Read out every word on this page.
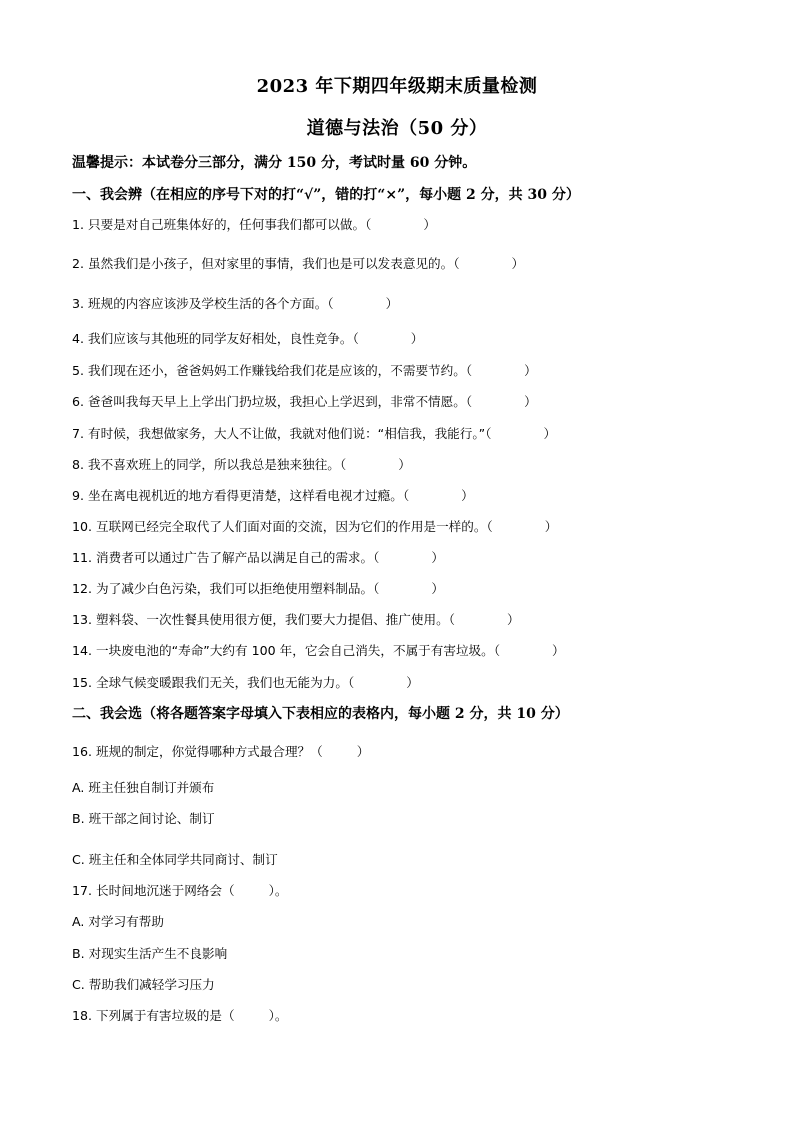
2023 年下期四年级期末质量检测
道德与法治（50 分）
温馨提示：本试卷分三部分，满分 150 分，考试时量 60 分钟。
一、我会辨（在相应的序号下对的打“√”，错的打“×”，每小题 2 分，共 30 分）
1. 只要是对自己班集体好的，任何事我们都可以做。（	）
2. 虽然我们是小孩子，但对家里的事情，我们也是可以发表意见的。（	）
3. 班规的内容应该涉及学校生活的各个方面。（	）
4. 我们应该与其他班的同学友好相处，良性竞争。（	）
5. 我们现在还小，爸爸妈妈工作赚钱给我们花是应该的，不需要节约。（	）
6. 爸爸叫我每天早上上学出门扔垃圾，我担心上学迟到，非常不情愿。（	）
7. 有时候，我想做家务，大人不让做，我就对他们说：“相信我，我能行。”（	）
8. 我不喜欢班上的同学，所以我总是独来独往。（	）
9. 坐在离电视机近的地方看得更清楚，这样看电视才过瘾。（	）
10. 互联网已经完全取代了人们面对面的交流，因为它们的作用是一样的。（	）
11. 消费者可以通过广告了解产品以满足自己的需求。（	）
12. 为了减少白色污染，我们可以拒绝使用塑料制品。（	）
13. 塑料袋、一次性餐具使用很方便，我们要大力提倡、推广使用。（	）
14. 一块废电池的“寿命”大约有 100 年，它会自己消失，不属于有害垃圾。（	）
15. 全球气候变暖跟我们无关，我们也无能为力。（	）
二、我会选（将各题答案字母填入下表相应的表格内，每小题 2 分，共 10 分）
16. 班规的制定，你觉得哪种方式最合理？（	）
A. 班主任独自制订并颁布
B. 班干部之间讨论、制订
C. 班主任和全体同学共同商讨、制订
17. 长时间地沉迷于网络会（	）。
A. 对学习有帮助
B. 对现实生活产生不良影响
C. 帮助我们减轻学习压力
18. 下列属于有害垃圾的是（	）。
